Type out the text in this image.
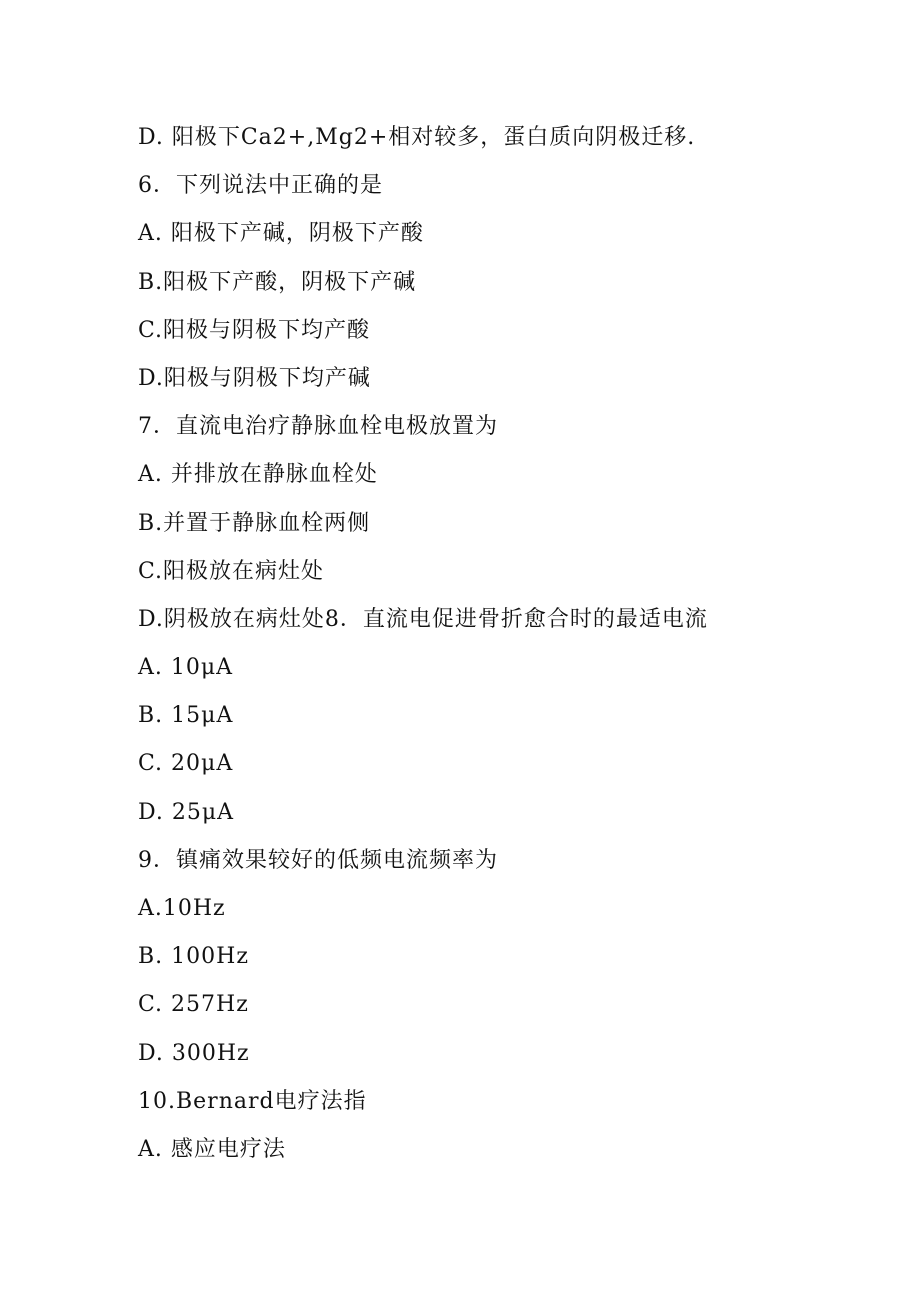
D. 阳极下Ca2+,Mg2+相对较多，蛋白质向阴极迁移.
6．下列说法中正确的是
A. 阳极下产碱，阴极下产酸
B.阳极下产酸，阴极下产碱
C.阳极与阴极下均产酸
D.阳极与阴极下均产碱
7．直流电治疗静脉血栓电极放置为
A. 并排放在静脉血栓处
B.并置于静脉血栓两侧
C.阳极放在病灶处
D.阴极放在病灶处8．直流电促进骨折愈合时的最适电流
A. 10μA
B. 15μA
C. 20μA
D. 25μA
9．镇痛效果较好的低频电流频率为
A.10Hz
B. 100Hz
C. 257Hz
D. 300Hz
10.Bernard电疗法指
A. 感应电疗法
